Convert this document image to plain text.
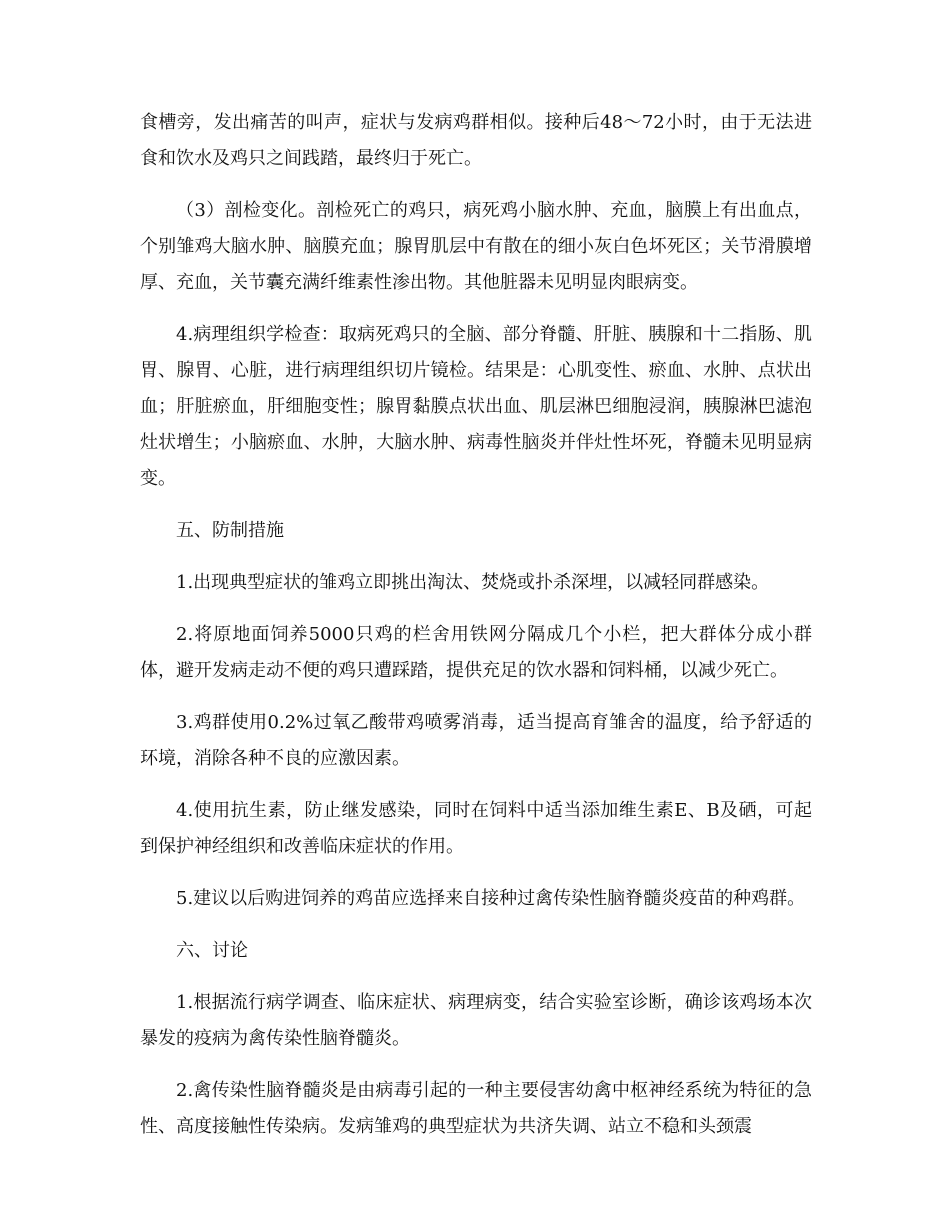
食槽旁，发出痛苦的叫声，症状与发病鸡群相似。接种后48～72小时，由于无法进食和饮水及鸡只之间践踏，最终归于死亡。

（3）剖检变化。剖检死亡的鸡只，病死鸡小脑水肿、充血，脑膜上有出血点，个别雏鸡大脑水肿、脑膜充血；腺胃肌层中有散在的细小灰白色坏死区；关节滑膜增厚、充血，关节囊充满纤维素性渗出物。其他脏器未见明显肉眼病变。

4.病理组织学检查：取病死鸡只的全脑、部分脊髓、肝脏、胰腺和十二指肠、肌胃、腺胃、心脏，进行病理组织切片镜检。结果是：心肌变性、瘀血、水肿、点状出血；肝脏瘀血，肝细胞变性；腺胃黏膜点状出血、肌层淋巴细胞浸润，胰腺淋巴滤泡灶状增生；小脑瘀血、水肿，大脑水肿、病毒性脑炎并伴灶性坏死，脊髓未见明显病变。

五、防制措施

1.出现典型症状的雏鸡立即挑出淘汰、焚烧或扑杀深埋，以减轻同群感染。

2.将原地面饲养5000只鸡的栏舍用铁网分隔成几个小栏，把大群体分成小群体，避开发病走动不便的鸡只遭踩踏，提供充足的饮水器和饲料桶，以减少死亡。

3.鸡群使用0.2%过氧乙酸带鸡喷雾消毒，适当提高育雏舍的温度，给予舒适的环境，消除各种不良的应激因素。

4.使用抗生素，防止继发感染，同时在饲料中适当添加维生素E、B及硒，可起到保护神经组织和改善临床症状的作用。

5.建议以后购进饲养的鸡苗应选择来自接种过禽传染性脑脊髓炎疫苗的种鸡群。

六、讨论

1.根据流行病学调查、临床症状、病理病变，结合实验室诊断，确诊该鸡场本次暴发的疫病为禽传染性脑脊髓炎。

2.禽传染性脑脊髓炎是由病毒引起的一种主要侵害幼禽中枢神经系统为特征的急性、高度接触性传染病。发病雏鸡的典型症状为共济失调、站立不稳和头颈震
